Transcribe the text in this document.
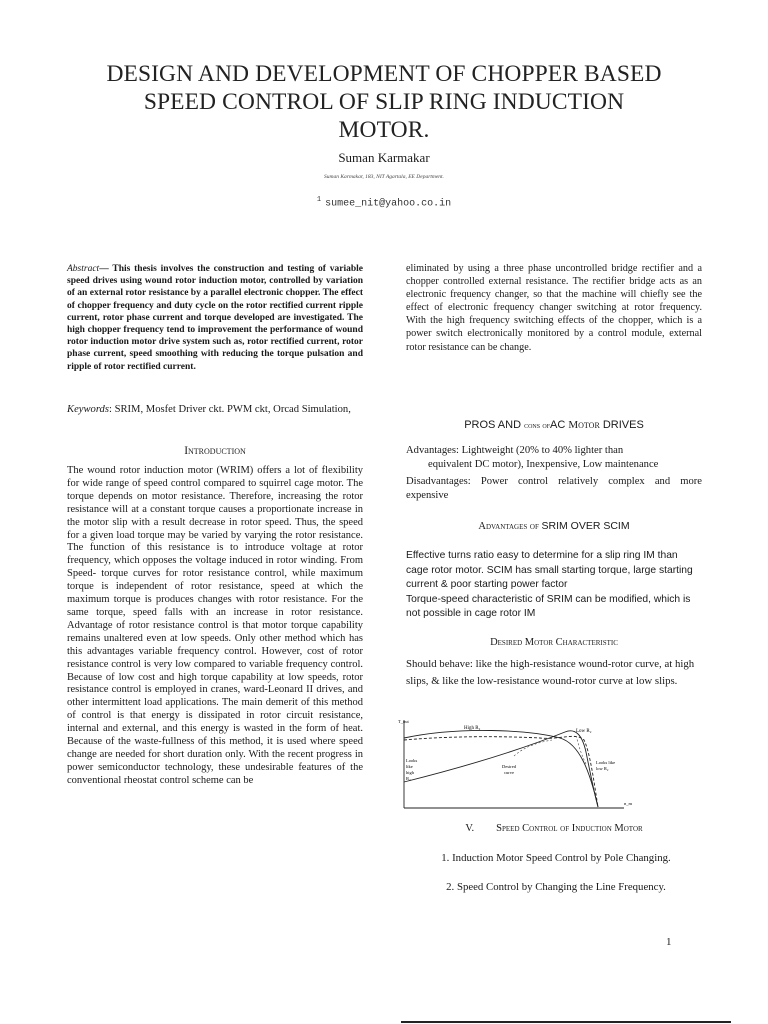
DESIGN AND DEVELOPMENT OF CHOPPER BASED
SPEED CONTROL OF SLIP RING INDUCTION
MOTOR.
Suman Karmakar
Suman Karmakar, 183, NIT Agartala, EE Department.
$^1$ sumee_nit@yahoo.co.in
Abstract— This thesis involves the construction and testing of variable speed drives using wound rotor induction motor, controlled by variation of an external rotor resistance by a parallel electronic chopper. The effect of chopper frequency and duty cycle on the rotor rectified current ripple current, rotor phase current and torque developed are investigated. The high chopper frequency tend to improvement the performance of wound rotor induction motor drive system such as, rotor rectified current, rotor phase current, speed smoothing with reducing the torque pulsation and ripple of rotor rectified current.
Keywords: SRIM, Mosfet Driver ckt. PWM ckt, Orcad Simulation,
Introduction
The wound rotor induction motor (WRIM) offers a lot of flexibility for wide range of speed control compared to squirrel cage motor. The torque depends on motor resistance. Therefore, increasing the rotor resistance will at a constant torque causes a proportionate increase in the motor slip with a result decrease in rotor speed. Thus, the speed for a given load torque may be varied by varying the rotor resistance. The function of this resistance is to introduce voltage at rotor frequency, which opposes the voltage induced in rotor winding. From Speed- torque curves for rotor resistance control, while maximum torque is independent of rotor resistance, speed at which the maximum torque is produces changes with rotor resistance. For the same torque, speed falls with an increase in rotor resistance. Advantage of rotor resistance control is that motor torque capability remains unaltered even at low speeds. Only other method which has this advantages variable frequency control. However, cost of rotor resistance control is very low compared to variable frequency control. Because of low cost and high torque capability at low speeds, rotor resistance control is employed in cranes, ward-Leonard II drives, and other intermittent load applications. The main demerit of this method of control is that energy is dissipated in rotor circuit resistance, internal and external, and this energy is wasted in the form of heat. Because of the waste-fullness of this method, it is used where speed change are needed for short duration only. With the recent progress in power semiconductor technology, these undesirable features of the conventional rheostat control scheme can be
eliminated by using a three phase uncontrolled bridge rectifier and a chopper controlled external resistance. The rectifier bridge acts as an electronic frequency changer, so that the machine will chiefly see the effect of electronic frequency changer switching at rotor frequency. With the high frequency switching effects of the chopper, which is a power switch electronically monitored by a control module, external rotor resistance can be change.
PROS AND cons ofAC Motor DRIVES
Advantages: Lightweight (20% to 40% lighter than
equivalent DC motor), Inexpensive, Low maintenance
Disadvantages: Power control relatively complex and more expensive
Advantages of SRIM OVER SCIM
Effective turns ratio easy to determine for a slip ring IM than cage rotor motor. SCIM has small starting torque, large starting current & poor starting power factor
Torque-speed characteristic of SRIM can be modified, which is not possible in cage rotor IM
Desired Motor Characteristic
Should behave: like the high-resistance wound-rotor curve, at high slips, & like the low-resistance wound-rotor curve at low slips.
T_out
n_m
High R₂
Low R₂
Looks
like
high
R₂
Looks like
low R₂
Desired
curve
V. Speed Control of Induction Motor
1. Induction Motor Speed Control by Pole Changing.
2. Speed Control by Changing the Line Frequency.
1
